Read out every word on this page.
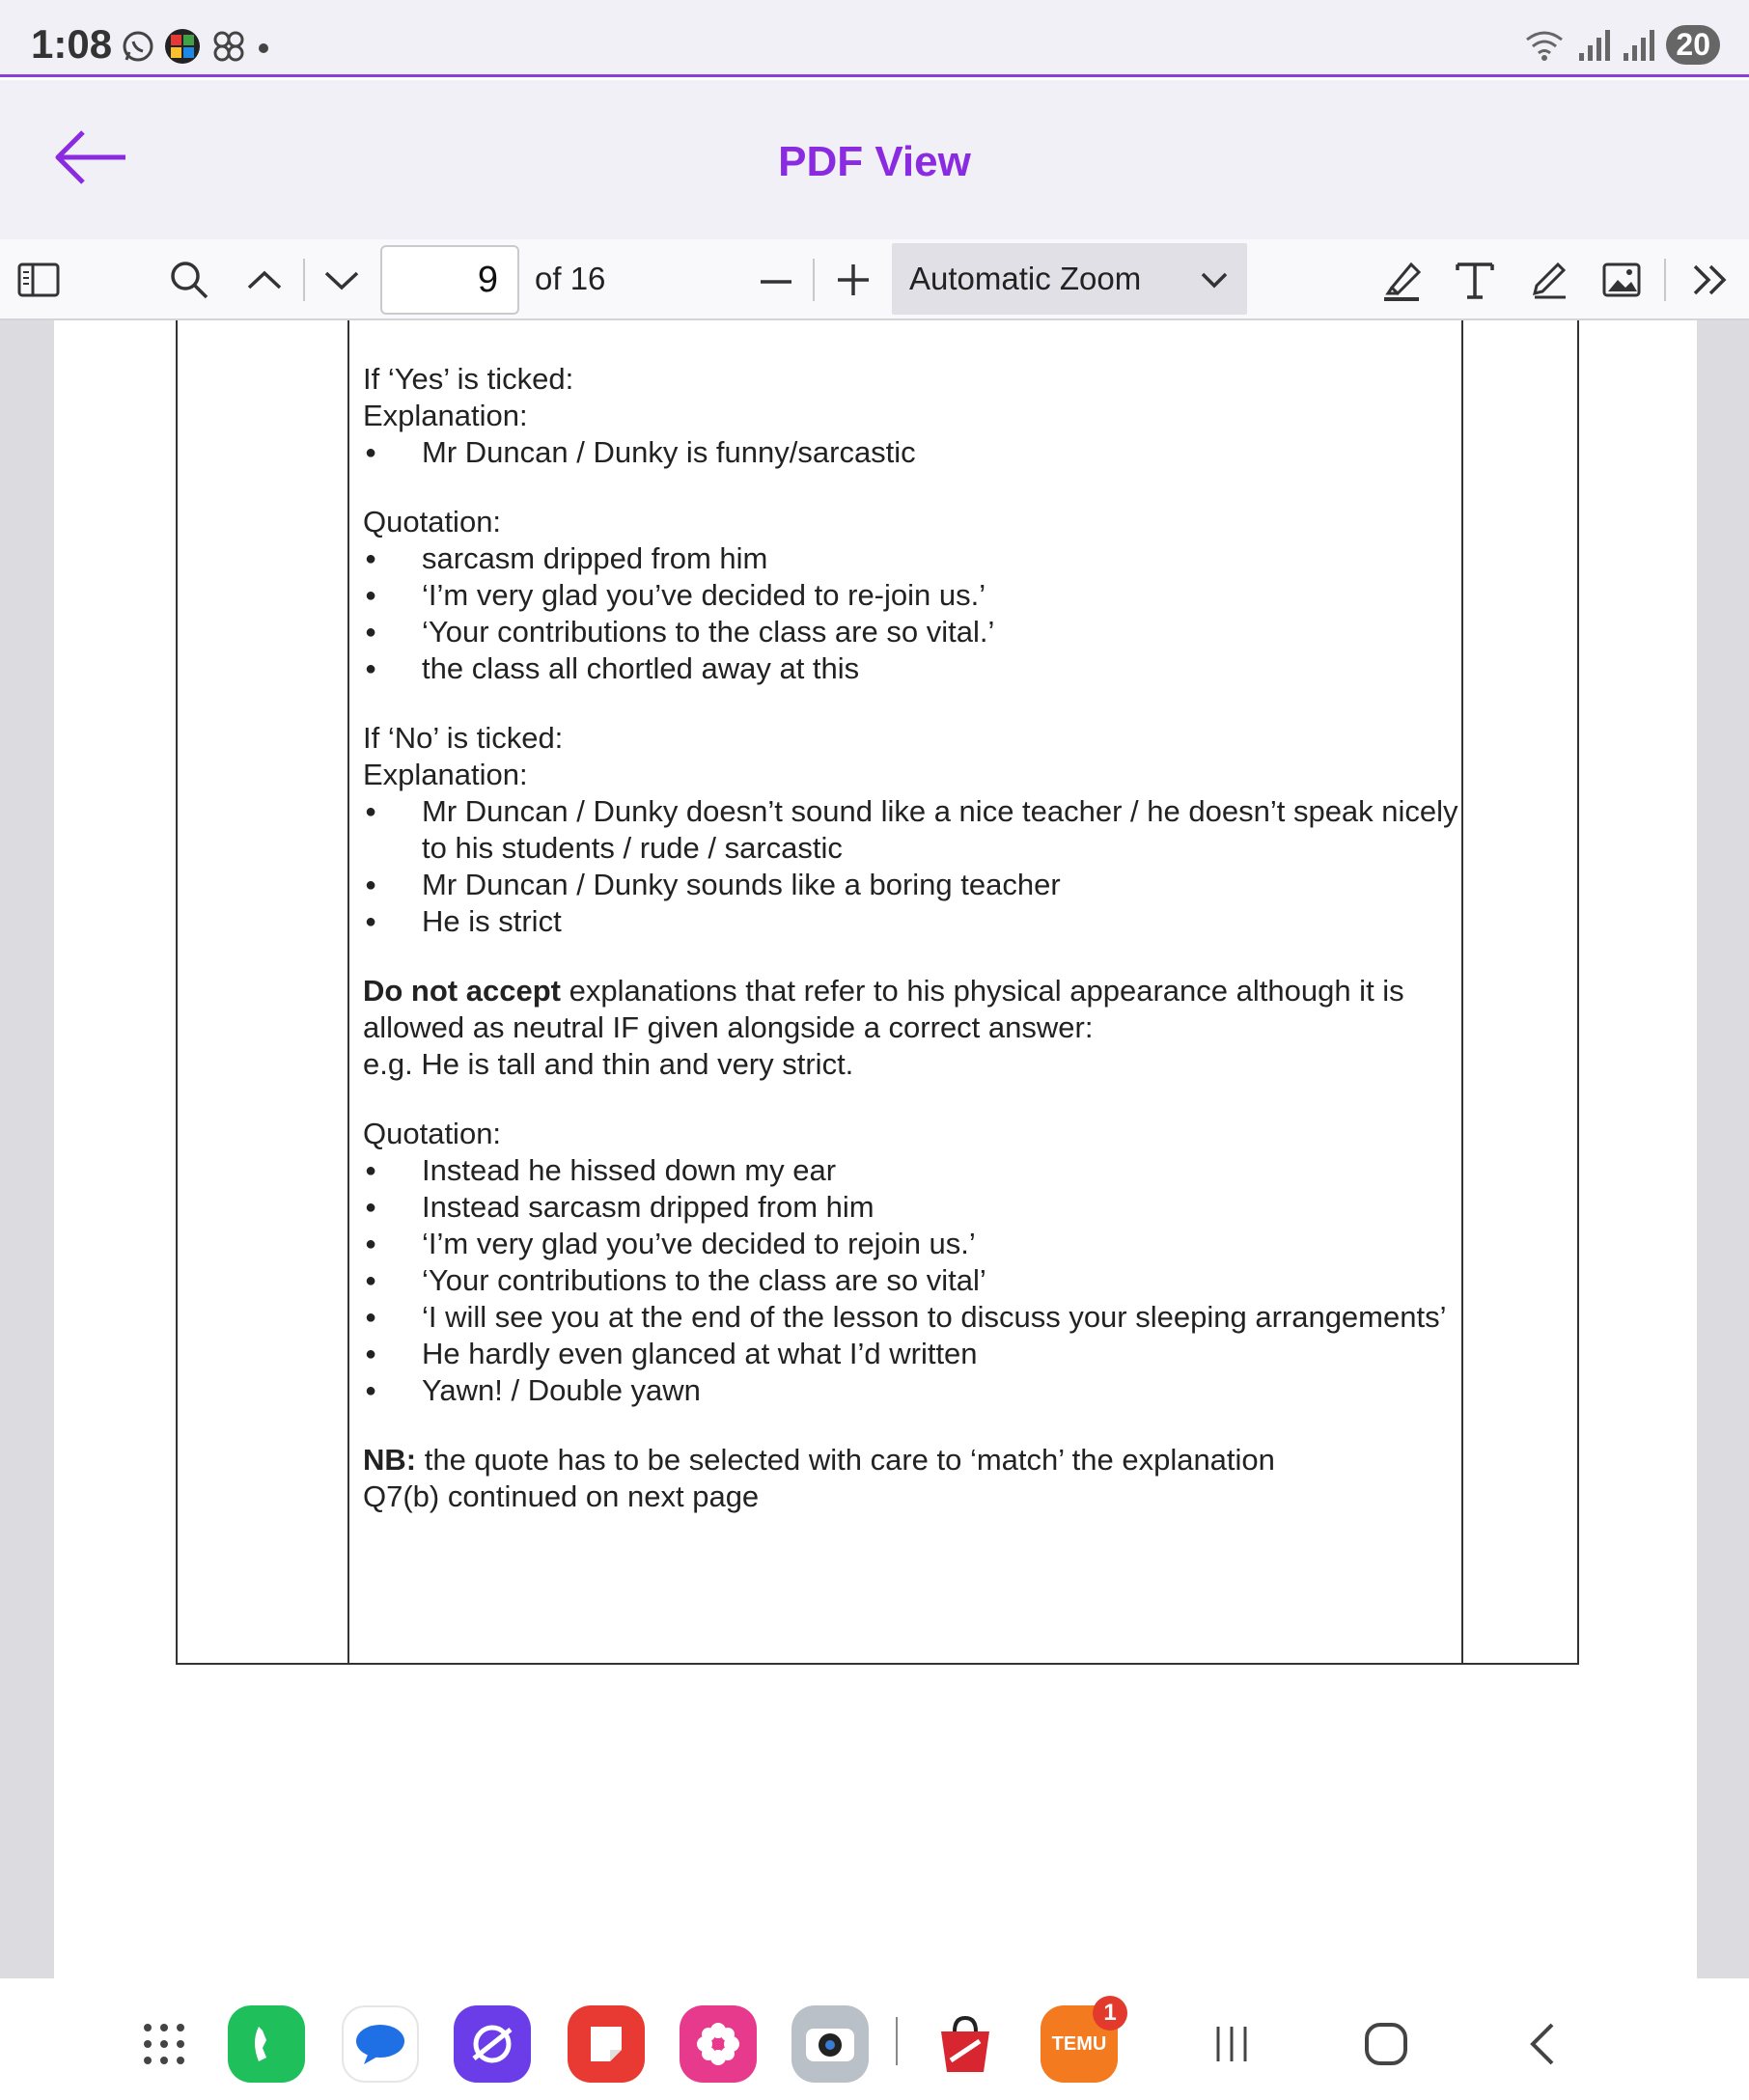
1:08	20
PDF View
9	of 16	Automatic Zoom

If ‘Yes’ is ticked:

Explanation:

● Mr Duncan / Dunky is funny/sarcastic

Quotation:

● sarcasm dripped from him
● ‘I’m very glad you’ve decided to re-join us.’
● ‘Your contributions to the class are so vital.’
● the class all chortled away at this

If ‘No’ is ticked:

Explanation:

● Mr Duncan / Dunky doesn’t sound like a nice teacher / he doesn’t speak nicely to his students / rude / sarcastic
● Mr Duncan / Dunky sounds like a boring teacher
● He is strict

Do not accept explanations that refer to his physical appearance although it is allowed as neutral IF given alongside a correct answer:

e.g. He is tall and thin and very strict.

Quotation:

● Instead he hissed down my ear
● Instead sarcasm dripped from him
● ‘I’m very glad you’ve decided to rejoin us.’
● ‘Your contributions to the class are so vital’
● ‘I will see you at the end of the lesson to discuss your sleeping arrangements’
● He hardly even glanced at what I’d written
● Yawn! / Double yawn

NB: the quote has to be selected with care to ‘match’ the explanation

Q7(b) continued on next page

TEMU
1
